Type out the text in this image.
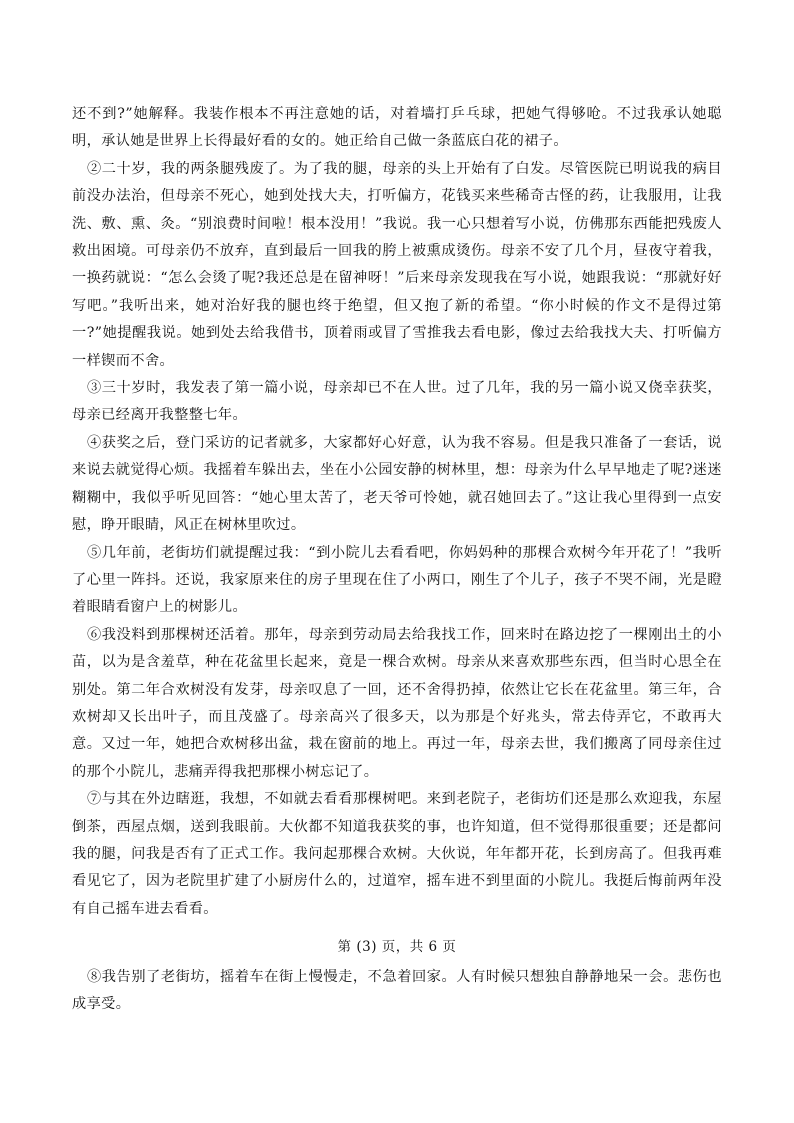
还不到?”她解释。我装作根本不再注意她的话，对着墙打乒乓球，把她气得够呛。不过我承认她聪明，承认她是世界上长得最好看的女的。她正给自己做一条蓝底白花的裙子。

②二十岁，我的两条腿残废了。为了我的腿，母亲的头上开始有了白发。尽管医院已明说我的病目前没办法治，但母亲不死心，她到处找大夫，打听偏方，花钱买来些稀奇古怪的药，让我服用，让我洗、敷、熏、灸。“别浪费时间啦！根本没用！”我说。我一心只想着写小说，仿佛那东西能把残废人救出困境。可母亲仍不放弃，直到最后一回我的胯上被熏成烫伤。母亲不安了几个月，昼夜守着我，一换药就说：“怎么会烫了呢?我还总是在留神呀！”后来母亲发现我在写小说，她跟我说：“那就好好写吧。”我听出来，她对治好我的腿也终于绝望，但又抱了新的希望。“你小时候的作文不是得过第一?”她提醒我说。她到处去给我借书，顶着雨或冒了雪推我去看电影，像过去给我找大夫、打听偏方一样锲而不舍。

③三十岁时，我发表了第一篇小说，母亲却已不在人世。过了几年，我的另一篇小说又侥幸获奖，母亲已经离开我整整七年。

④获奖之后，登门采访的记者就多，大家都好心好意，认为我不容易。但是我只准备了一套话，说来说去就觉得心烦。我摇着车躲出去，坐在小公园安静的树林里，想：母亲为什么早早地走了呢?迷迷糊糊中，我似乎听见回答：“她心里太苦了，老天爷可怜她，就召她回去了。”这让我心里得到一点安慰，睁开眼睛，风正在树林里吹过。

⑤几年前，老街坊们就提醒过我：“到小院儿去看看吧，你妈妈种的那棵合欢树今年开花了！”我听了心里一阵抖。还说，我家原来住的房子里现在住了小两口，刚生了个儿子，孩子不哭不闹，光是瞪着眼睛看窗户上的树影儿。

⑥我没料到那棵树还活着。那年，母亲到劳动局去给我找工作，回来时在路边挖了一棵刚出土的小苗，以为是含羞草，种在花盆里长起来，竟是一棵合欢树。母亲从来喜欢那些东西，但当时心思全在别处。第二年合欢树没有发芽，母亲叹息了一回，还不舍得扔掉，依然让它长在花盆里。第三年，合欢树却又长出叶子，而且茂盛了。母亲高兴了很多天，以为那是个好兆头，常去侍弄它，不敢再大意。又过一年，她把合欢树移出盆，栽在窗前的地上。再过一年，母亲去世，我们搬离了同母亲住过的那个小院儿，悲痛弄得我把那棵小树忘记了。

⑦与其在外边瞎逛，我想，不如就去看看那棵树吧。来到老院子，老街坊们还是那么欢迎我，东屋倒茶，西屋点烟，送到我眼前。大伙都不知道我获奖的事，也许知道，但不觉得那很重要；还是都问我的腿，问我是否有了正式工作。我问起那棵合欢树。大伙说，年年都开花，长到房高了。但我再难看见它了，因为老院里扩建了小厨房什么的，过道窄，摇车进不到里面的小院儿。我挺后悔前两年没有自己摇车进去看看。

第 (3) 页，共 6 页

⑧我告别了老街坊，摇着车在街上慢慢走，不急着回家。人有时候只想独自静静地呆一会。悲伤也成享受。
